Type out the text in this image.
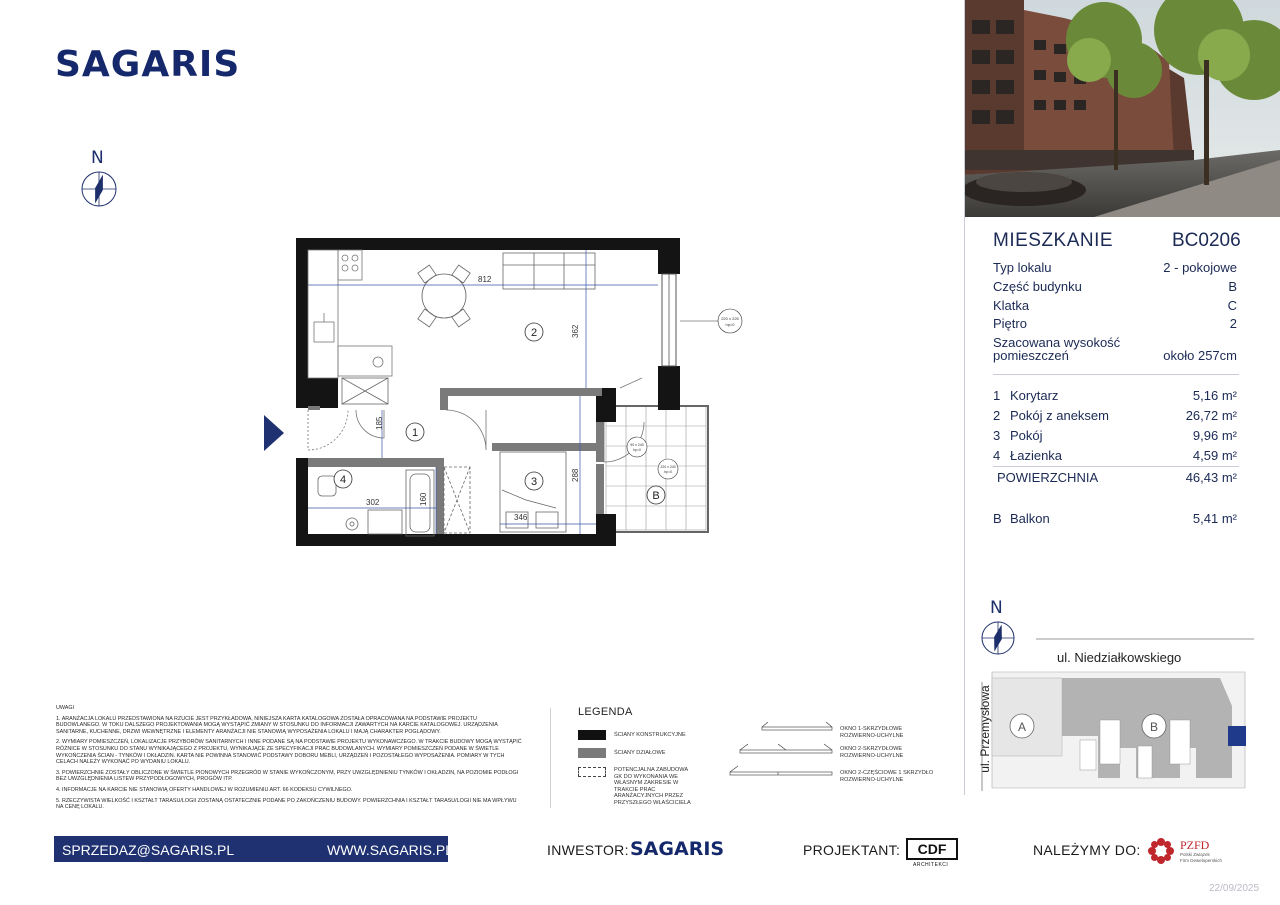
SAGARIS
N
812
362
185
302	160
346
288
1
2
3
4
B
90 x 240
hp=0
220 x 240
hp=0
220 x 225
hp=0
MIESZKANIE	BC0206
Typ lokalu	2 - pokojowe
Część budynku	B
Klatka	C
Piętro	2
Szacowana wysokość
pomieszczeń	około 257cm
1 Korytarz	5,16 m²
2 Pokój z aneksem	26,72 m²
3 Pokój	9,96 m²
4 Łazienka	4,59 m²
POWIERZCHNIA	46,43 m²
B Balkon	5,41 m²
N
A	B
ul. Niedziałkowskiego
ul. Przemysłowa

UWAGI

1. ARANŻACJA LOKALU PRZEDSTAWIONA NA RZUCIE JEST PRZYKŁADOWA, NINIEJSZA KARTA KATALOGOWA ZOSTAŁA OPRACOWANA NA PODSTAWIE PROJEKTU BUDOWLANEGO. W TOKU DALSZEGO PROJEKTOWANIA MOGĄ WYSTĄPIĆ ZMIANY W STOSUNKU DO INFORMACJI ZAWARTYCH NA KARCIE KATALOGOWEJ. URZĄDZENIA SANITARNE, KUCHENNE, DRZWI WEWNĘTRZNE I ELEMENTY ARANŻACJI NIE STANOWIĄ WYPOSAŻENIA LOKALU I MAJĄ CHARAKTER POGLĄDOWY.

2. WYMIARY POMIESZCZEŃ, LOKALIZACJE PRZYBORÓW SANITARNYCH I INNE PODANE SĄ NA PODSTAWIE PROJEKTU WYKONAWCZEGO. W TRAKCIE BUDOWY MOGĄ WYSTĄPIĆ RÓŻNICE W STOSUNKU DO STANU WYNIKAJĄCEGO Z PROJEKTU, WYNIKAJĄCE ZE SPECYFIKACJI PRAC BUDOWLANYCH. WYMIARY POMIESZCZEŃ PODANE W ŚWIETLE WYKOŃCZENIA ŚCIAN - TYNKÓW I OKŁADZIN. KARTA NIE POWINNA STANOWIĆ PODSTAWY DOBORU MEBLI, URZĄDZEŃ I POZOSTAŁEGO WYPOSAŻENIA. POMIARY W TYCH CELACH NALEŻY WYKONAĆ PO WYDANIU LOKALU.

3. POWIERZCHNIE ZOSTAŁY OBLICZONE W ŚWIETLE PIONOWYCH PRZEGRÓD W STANIE WYKOŃCZONYM, PRZY UWZGLĘDNIENIU TYNKÓW I OKŁADZIN, NA POZIOMIE PODŁOGI BEZ UWZGLĘDNIENIA LISTEW PRZYPODŁOGOWYCH, PROGÓW ITP.

4. INFORMACJE NA KARCIE NIE STANOWIĄ OFERTY HANDLOWEJ W ROZUMIENIU ART. 66 KODEKSU CYWILNEGO.

5. RZECZYWISTA WIELKOŚĆ I KSZTAŁT TARASU/LOGII ZOSTANĄ OSTATECZNIE PODANE PO ZAKOŃCZENIU BUDOWY. POWIERZCHNIA I KSZTAŁT TARASU/LOGII NIE MA WPŁYWU NA CENĘ LOKALU.

LEGENDA
ŚCIANY KONSTRUKCYJNE
ŚCIANY DZIAŁOWE
POTENCJALNA ZABUDOWA GK DO WYKONANIA WE WŁASNYM ZAKRESIE W TRAKCIE PRAC ARANŻACYJNYCH PRZEZ PRZYSZŁEGO WŁAŚCICIELA
OKNO 1-SKRZYDŁOWE ROZWIERNO-UCHYLNE
OKNO 2-SKRZYDŁOWE ROZWIERNO-UCHYLNE
OKNO 2-CZĘŚCIOWE 1 SKRZYDŁO ROZWIERNO-UCHYLNE
SPRZEDAZ@SAGARIS.PL	WWW.SAGARIS.PL	INWESTOR: SAGARIS	PROJEKTANT:	CDF
ARCHITEKCI
NALEŻYMY DO:	PZFD
Polski Związek
Firm Deweloperskich
22/09/2025
